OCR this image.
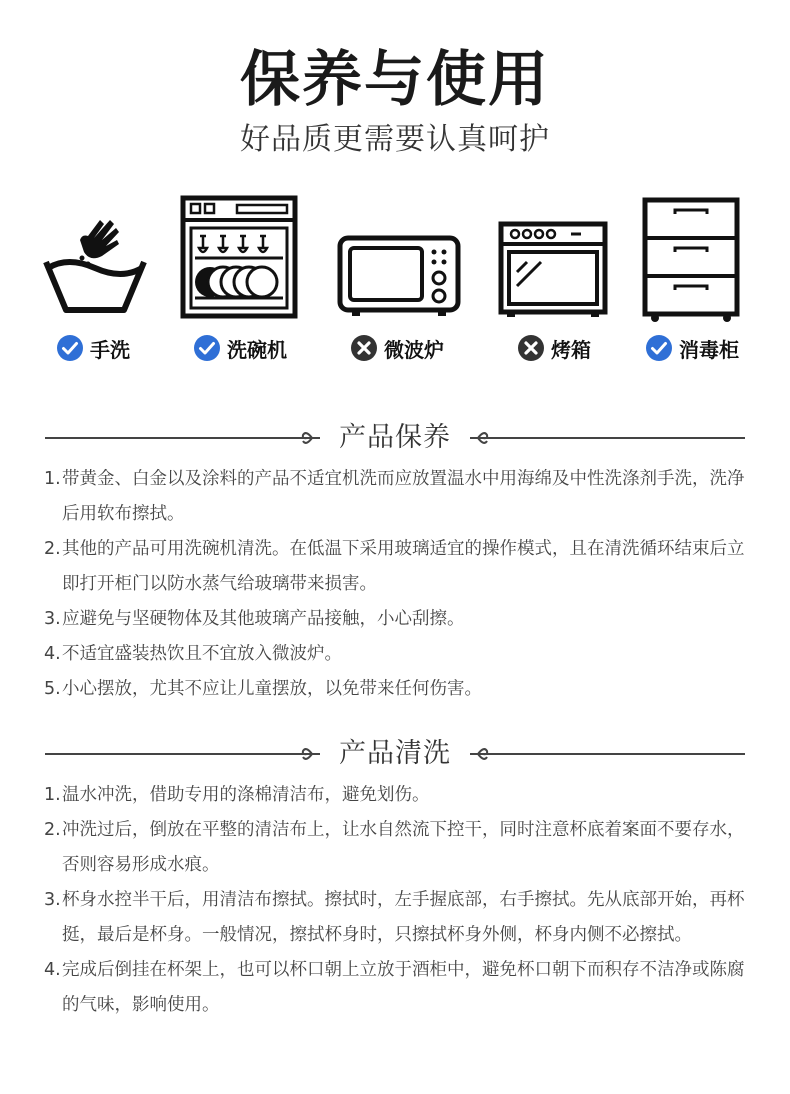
保养与使用
好品质更需要认真呵护
手洗	洗碗机	微波炉	烤箱	消毒柜
产品保养
1.带黄金、白金以及涂料的产品不适宜机洗而应放置温水中用海绵及中性洗涤剂手洗，洗净后用软布擦拭。
2.其他的产品可用洗碗机清洗。在低温下采用玻璃适宜的操作模式，且在清洗循环结束后立即打开柜门以防水蒸气给玻璃带来损害。
3.应避免与坚硬物体及其他玻璃产品接触，小心刮擦。
4.不适宜盛装热饮且不宜放入微波炉。
5.小心摆放，尤其不应让儿童摆放，以免带来任何伤害。
产品清洗
1.温水冲洗，借助专用的涤棉清洁布，避免划伤。
2.冲洗过后，倒放在平整的清洁布上，让水自然流下控干，同时注意杯底着案面不要存水，否则容易形成水痕。
3.杯身水控半干后，用清洁布擦拭。擦拭时，左手握底部，右手擦拭。先从底部开始，再杯挺，最后是杯身。一般情况，擦拭杯身时，只擦拭杯身外侧，杯身内侧不必擦拭。
4.完成后倒挂在杯架上，也可以杯口朝上立放于酒柜中，避免杯口朝下而积存不洁净或陈腐的气味，影响使用。
